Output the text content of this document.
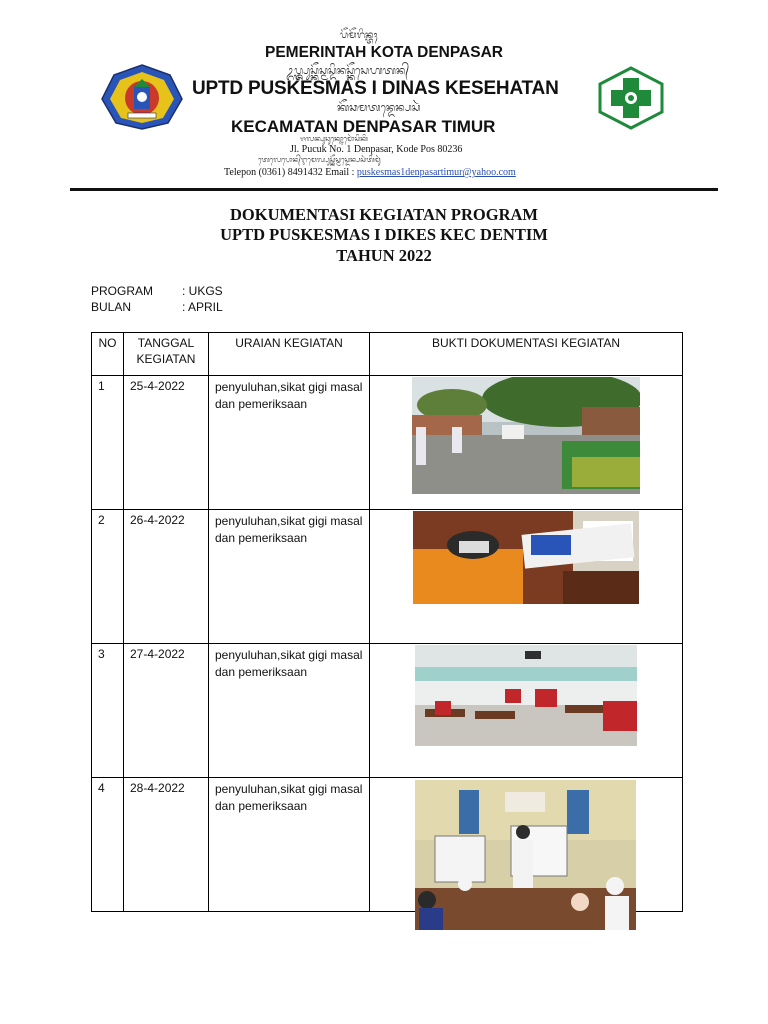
ᬧᭂᬫᭂᬭᬶᬦ᭄ᬢᬄ
PEMERINTAH KOTA DENPASAR
ᬉᬧ᭄ᬢ᭄ᬤ᭄ᬧᬸᬲ᭄ᬓᭂᬲ᭄ᬫᬲ᭄ᬤᬶᬦᬲ᭄ᬓᭂᬲᬾᬳᬢᬦ᭄
UPTD PUSKESMAS I DINAS KESEHATAN
ᬓᭂᬘᬫᬢᬦ᭄ᬤᬾᬦ᭄ᬧᬲᬃ
KECAMATAN DENPASAR TIMUR
ᬚᬮᬦ᭄ᬧᬸᬘᬸᬓ᭄ᬦᭀᬫᭀᬃᬲᬶᬓᬶ
Jl. Pucuk No. 1 Denpasar, Kode Pos 80236
ᬢᬾᬮᬾᬧᭀᬦ᭄ᬇᬫᬾᬮ᭄ᬧᬸᬲ᭄ᬓᭂᬲ᭄ᬫᬲ᭄ᬤᬾᬦ᭄ᬧᬲᬃᬢᬶᬫᬸᬃ
Telepon (0361) 8491432 Email : puskesmas1denpasartimur@yahoo.com
DOKUMENTASI KEGIATAN PROGRAM
UPTD PUSKESMAS I DIKES KEC DENTIM
TAHUN 2022
PROGRAM : UKGS
BULAN	: APRIL
NO	TANGGAL KEGIATAN	URAIAN KEGIATAN	BUKTI DOKUMENTASI KEGIATAN
1	25-4-2022	penyuluhan,sikat gigi masal dan pemeriksaan	

2	26-4-2022	penyuluhan,sikat gigi masal dan pemeriksaan	

3	27-4-2022	penyuluhan,sikat gigi masal dan pemeriksaan	

4	28-4-2022	penyuluhan,sikat gigi masal dan pemeriksaan	
